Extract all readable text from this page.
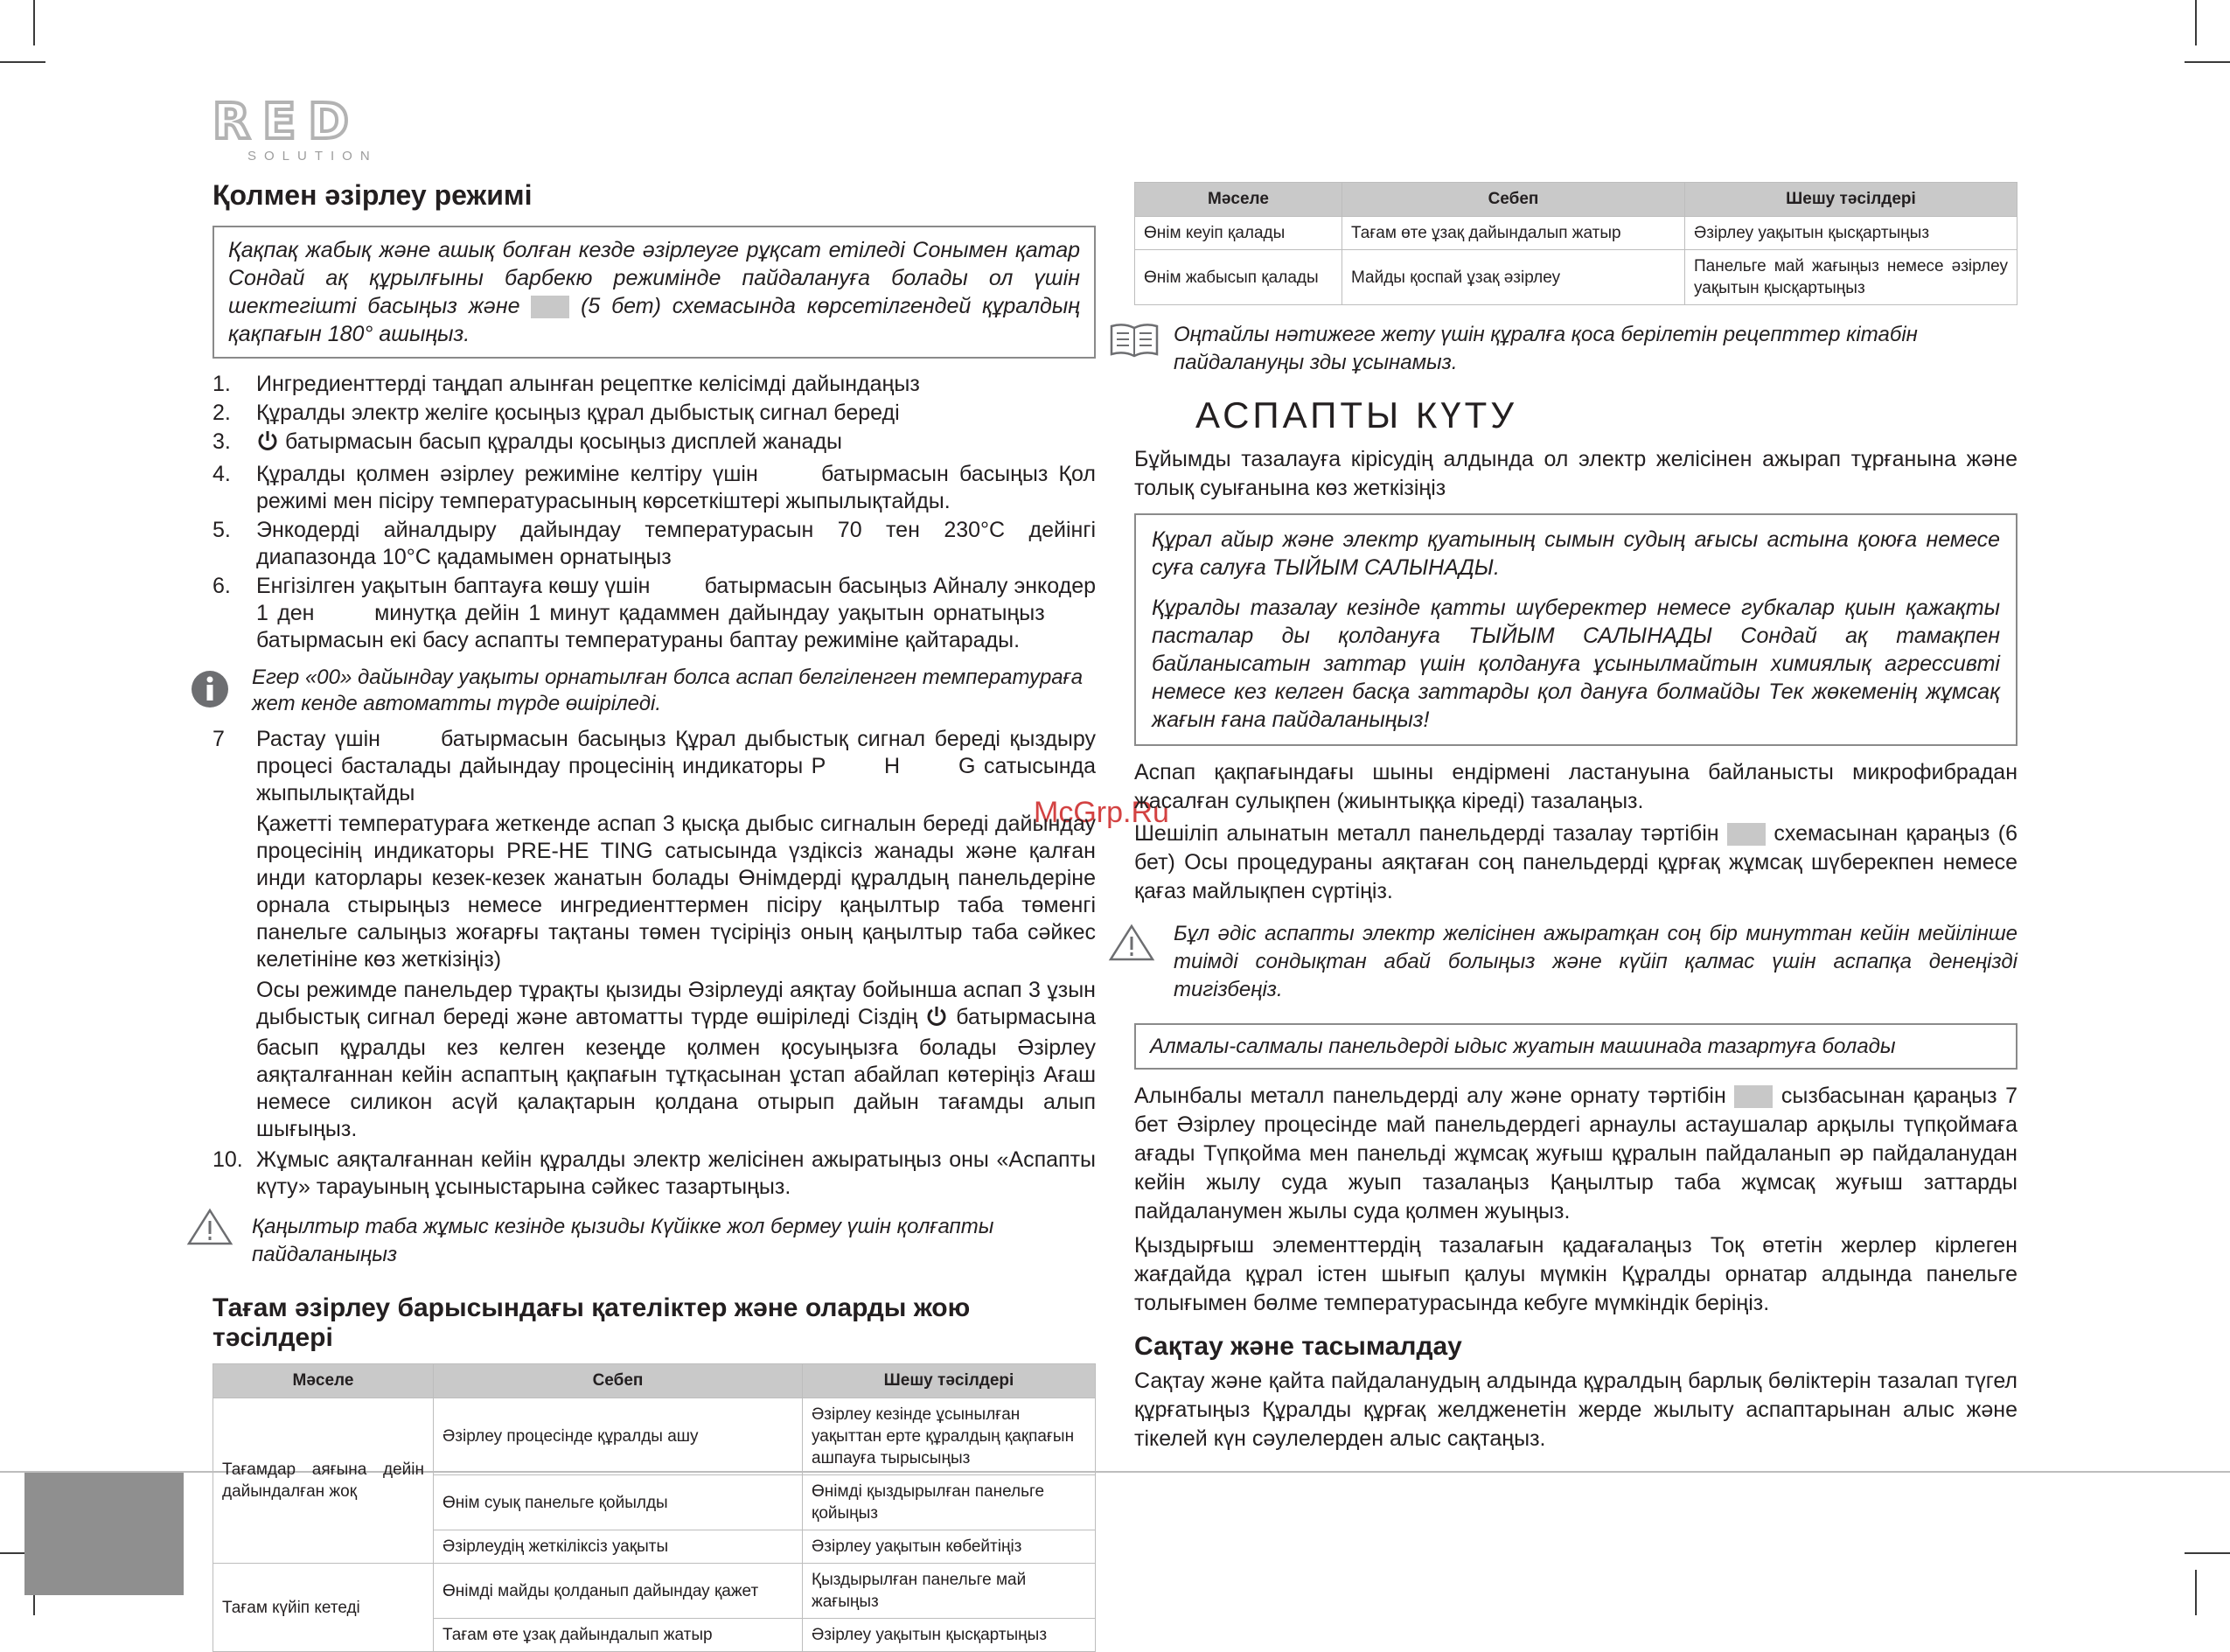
RED
SOLUTION
McGrp.Ru
Қолмен әзірлеу режимі
Қақпақ жабық және ашық болған кезде әзірлеуге рұқсат етіледі Сонымен қатар Сондай ақ құрылғыны барбекю режимінде пайдалануға болады ол үшін шектегішті басыңыз және	(5 бет) схемасында көрсетілгендей құралдың қақпағын 180° ашыңыз.
1. Ингредиенттерді таңдап алынған рецептке келісімді дайындаңыз
2. Құралды электр желіге қосыңыз құрал дыбыстық сигнал береді
3. батырмасын басып құралды қосыңыз дисплей жанады
4. Құралды қолмен әзірлеу режиміне келтіру үшін	батырмасын басыңыз Қол режимі мен пісіру температурасының көрсеткіштері жыпылықтайды.
5. Энкодерді айналдыру дайындау температурасын 70 тен 230°С дейінгі диапазонда 10°С қадамымен орнатыңыз
6. Енгізілген уақытын баптауға көшу үшін батырмасын басыңыз Айналу энкодер 1 ден	минутқа дейін 1 минут қадаммен дайындау уақытын орнатыңыз  батырмасын екі басу аспапты температураны баптау режиміне қайтарады.
Егер «00» дайындау уақыты орнатылған болса аспап белгіленген температураға жет кенде автоматты түрде өшіріледі.
7 Растау үшін	батырмасын басыңыз Құрал дыбыстық сигнал береді қыздыру процесі басталады дайындау процесінің индикаторы P	H	G сатысында жыпылықтайды
Қажетті температураға жеткенде аспап 3 қысқа дыбыс сигналын береді дайындау процесінің индикаторы PRE-HE TING сатысында үздіксіз жанады және қалған инди каторлары кезек-кезек жанатын болады Өнімдерді құралдың панельдеріне орнала стырыңыз немесе ингредиенттермен пісіру қаңылтыр таба төменгі панельге салыңыз жоғарғы тақтаны төмен түсіріңіз оның қаңылтыр таба сәйкес келетініне көз жеткізіңіз)
Осы режимде панельдер тұрақты қызиды Әзірлеуді аяқтау бойынша аспап 3 ұзын дыбыстық сигнал береді және автоматты түрде өшіріледі Сіздің батырмасына басып құралды кез келген кезеңде қолмен қосуыңызға болады Әзірлеу аяқталғаннан кейін аспаптың қақпағын тұтқасынан ұстап абайлап көтеріңіз Ағаш немесе силикон асүй қалақтарын қолдана отырып дайын тағамды алып шығыңыз.
10. Жұмыс аяқталғаннан кейін құралды электр желісінен ажыратыңыз оны «Аспапты күту» тарауының ұсыныстарына сәйкес тазартыңыз.
Қаңылтыр таба жұмыс кезінде қызиды Күйікке жол бермеу үшін қолғапты пайдаланыңыз
Тағам әзірлеу барысындағы қателіктер және оларды жою тәсілдері
Мәселе	Себеп	Шешу тәсілдері
Тағамдар аяғына дейін дайындалған жоқ	Әзірлеу процесінде құралды ашу	Әзірлеу кезінде ұсынылған уақыттан ерте құралдың қақпағын ашпауға тырысыңыз
	Өнім суық панельге қойылды	Өнімді қыздырылған панельге қойыңыз
	Әзірлеудің жеткіліксіз уақыты	Әзірлеу уақытын көбейтіңіз
Тағам күйіп кетеді	Өнімді майды қолданып дайындау қажет	Қыздырылған панельге май жағыңыз
	Тағам өте ұзақ дайындалып жатыр	Әзірлеу уақытын қысқартыңыз
Мәселе	Себеп	Шешу тәсілдері
Өнім кеуіп қалады	Тағам өте ұзақ дайындалып жатыр	Әзірлеу уақытын қысқартыңыз
Өнім жабысып қалады	Майды қоспай ұзақ әзірлеу	Панельге май жағыңыз немесе әзірлеу уақытын қысқартыңыз
Оңтайлы нәтижеге жету үшін құралға қоса берілетін рецепттер кітабін пайдалануңы зды ұсынамыз.
АСПАПТЫ КҮТУ
Бұйымды тазалауға кірісудің алдында ол электр желісінен ажырап тұрғанына және толық суығанына көз жеткізіңіз
Құрал айыр және электр қуатының сымын судың ағысы астына қоюға немесе суға салуға ТЫЙЫМ САЛЫНАДЫ.
Құралды тазалау кезінде қатты шүберектер немесе губкалар қиын қажақты пасталар ды қолдануға ТЫЙЫМ САЛЫНАДЫ Сондай ақ тамақпен байланысатын заттар үшін қолдануға ұсынылмайтын химиялық агрессивті немесе кез келген басқа заттарды қол дануға болмайды Тек жөкеменің жұмсақ жағын ғана пайдаланыңыз!
Аспап қақпағындағы шыны ендірмені ластануына байланысты микрофибрадан жасалған сулықпен (жиынтыққа кіреді) тазалаңыз.
Шешіліп алынатын металл панельдерді тазалау тәртібін	схемасынан қараңыз (6 бет) Осы процедураны аяқтаған соң панельдерді құрғақ жұмсақ шүберекпен немесе қағаз майлықпен сүртіңіз.
Бұл әдіс аспапты электр желісінен ажыратқан соң бір минуттан кейін мейілінше тиімді сондықтан абай болыңыз және күйіп қалмас үшін аспапқа денеңізді тигізбеңіз.
Алмалы-салмалы панельдерді ыдыс жуатын машинада тазартуға болады
Алынбалы металл панельдерді алу және орнату тәртібін	сызбасынан қараңыз 7 бет Әзірлеу процесінде май панельдердегі арнаулы астаушалар арқылы түпқоймаға ағады Түпқойма мен панельді жұмсақ жуғыш құралын пайдаланып әр пайдаланудан кейін жылу суда жуып тазалаңыз Қаңылтыр таба жұмсақ жуғыш заттарды пайдаланумен жылы суда қолмен жуыңыз.
Қыздырғыш элементтердің тазалағын қадағалаңыз Тоқ өтетін жерлер кірлеген жағдайда құрал істен шығып қалуы мүмкін Құралды орнатар алдында панельге толығымен бөлме температурасында кебуге мүмкіндік беріңіз.
Сақтау және тасымалдау
Сақтау және қайта пайдаланудың алдында құралдың барлық бөліктерін тазалап түгел құрғатыңыз Құралды құрғақ желдженетін жерде жылыту аспаптарынан алыс және тікелей күн сәулелерден алыс сақтаңыз.
